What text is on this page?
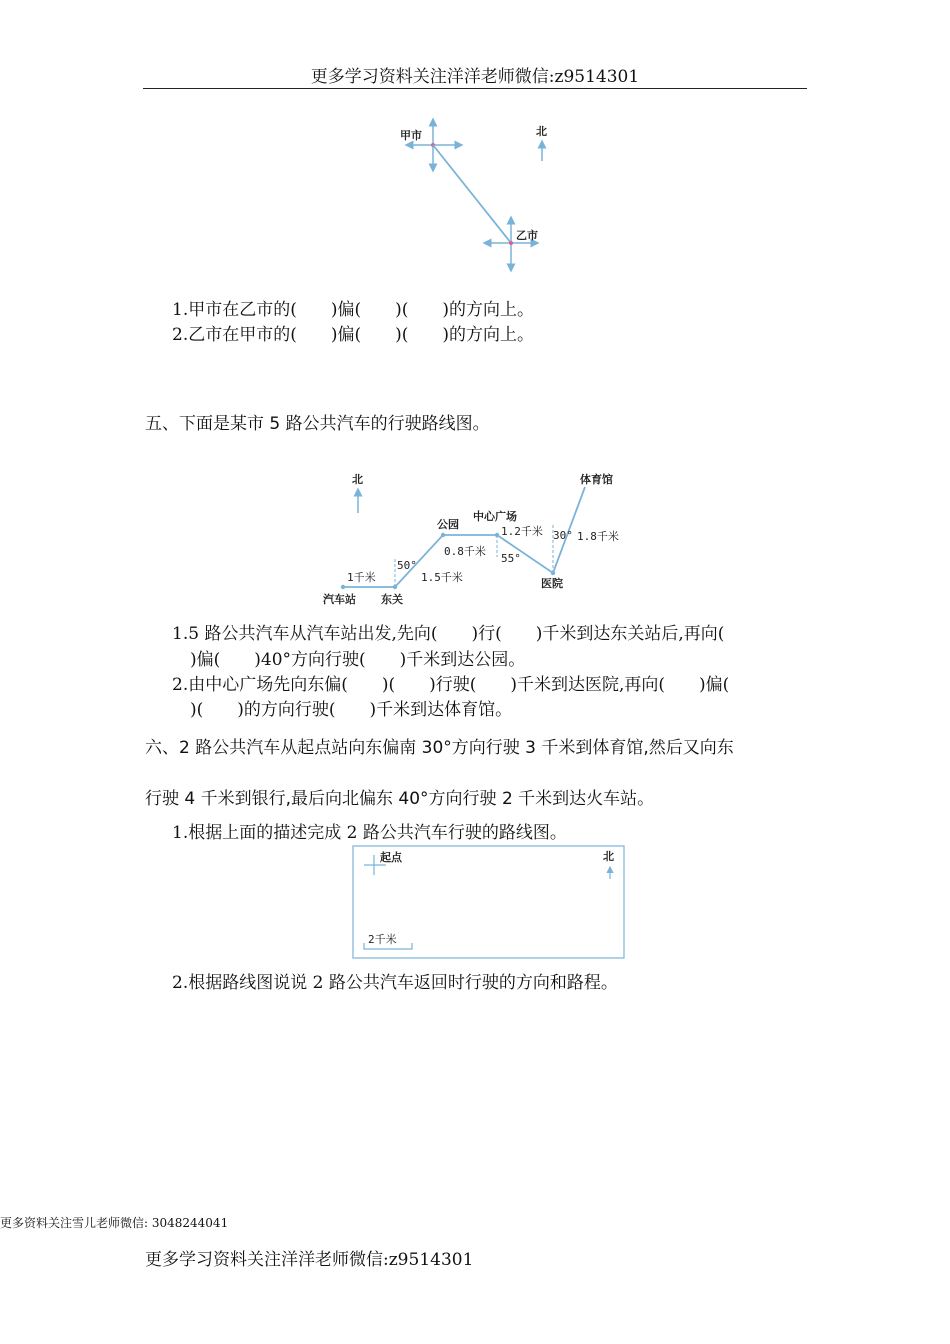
更多学习资料关注洋洋老师微信:z9514301
北
甲市
乙市
1.甲市在乙市的(　　)偏(　　)(　　)的方向上。
2.乙市在甲市的(　　)偏(　　)(　　)的方向上。
五、下面是某市 5 路公共汽车的行驶路线图。
北
汽车站 东关
公园
中心广场
医院
体育馆
1千米	1.5千米
0.8千米
1.2千米	1.8千米
50°
55°
30°
1.5 路公共汽车从汽车站出发,先向(　　)行(　　)千米到达东关站后,再向(
)偏(　　)40°方向行驶(　　)千米到达公园。
2.由中心广场先向东偏(　　)(　　)行驶(　　)千米到达医院,再向(　　)偏(
)(　　)的方向行驶(　　)千米到达体育馆。
六、2 路公共汽车从起点站向东偏南 30°方向行驶 3 千米到体育馆,然后又向东
行驶 4 千米到银行,最后向北偏东 40°方向行驶 2 千米到达火车站。
1.根据上面的描述完成 2 路公共汽车行驶的路线图。
起点	北
2千米
2.根据路线图说说 2 路公共汽车返回时行驶的方向和路程。
更多资料关注雪儿老师微信: 3048244041
更多学习资料关注洋洋老师微信:z9514301
